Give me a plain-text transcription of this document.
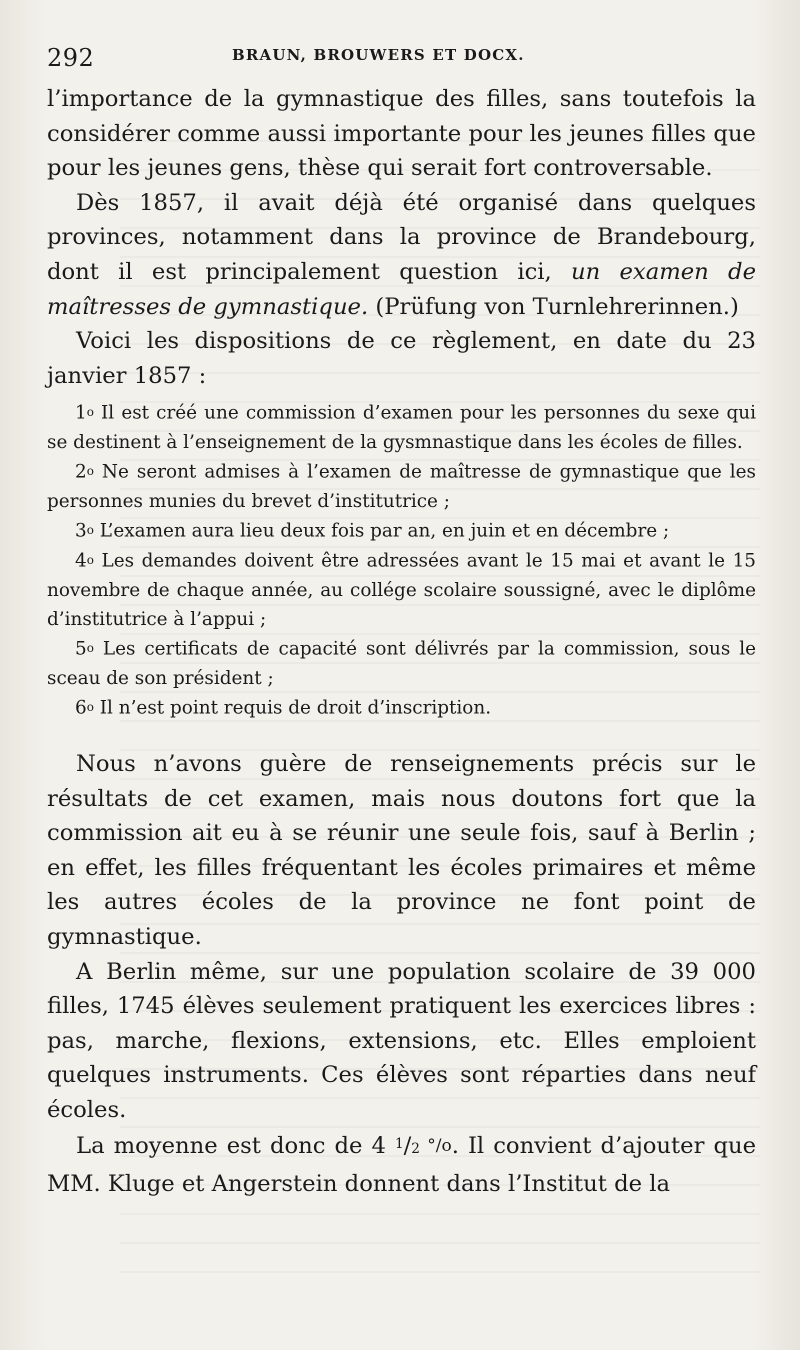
292	BRAUN, BROUWERS ET DOCX.

l’importance de la gymnastique des filles, sans toutefois la considérer comme aussi importante pour les jeunes filles que pour les jeunes gens, thèse qui serait fort controversable.

Dès 1857, il avait déjà été organisé dans quelques provinces, notamment dans la province de Brandebourg, dont il est principalement question ici, un examen de maîtresses de gymnastique. (Prüfung von Turnlehrerinnen.)

Voici les dispositions de ce règlement, en date du 23 janvier 1857 :

1o Il est créé une commission d’examen pour les personnes du sexe qui se destinent à l’enseignement de la gysmnastique dans les écoles de filles.

2o Ne seront admises à l’examen de maîtresse de gymnastique que les personnes munies du brevet d’institutrice ;

3o L’examen aura lieu deux fois par an, en juin et en décembre ;

4o Les demandes doivent être adressées avant le 15 mai et avant le 15 novembre de chaque année, au collége scolaire soussigné, avec le diplôme d’institutrice à l’appui ;

5o Les certificats de capacité sont délivrés par la commission, sous le sceau de son président ;

6o Il n’est point requis de droit d’inscription.

Nous n’avons guère de renseignements précis sur le résultats de cet examen, mais nous doutons fort que la commission ait eu à se réunir une seule fois, sauf à Berlin ; en effet, les filles fréquentant les écoles primaires et même les autres écoles de la province ne font point de gymnastique.

A Berlin même, sur une population scolaire de 39 000 filles, 1745 élèves seulement pratiquent les exercices libres : pas, marche, flexions, extensions, etc. Elles emploient quelques instruments. Ces élèves sont réparties dans neuf écoles.

La moyenne est donc de 4 $^1$/2 °/o. Il convient d’ajouter que MM. Kluge et Angerstein donnent dans l’Institut de la
